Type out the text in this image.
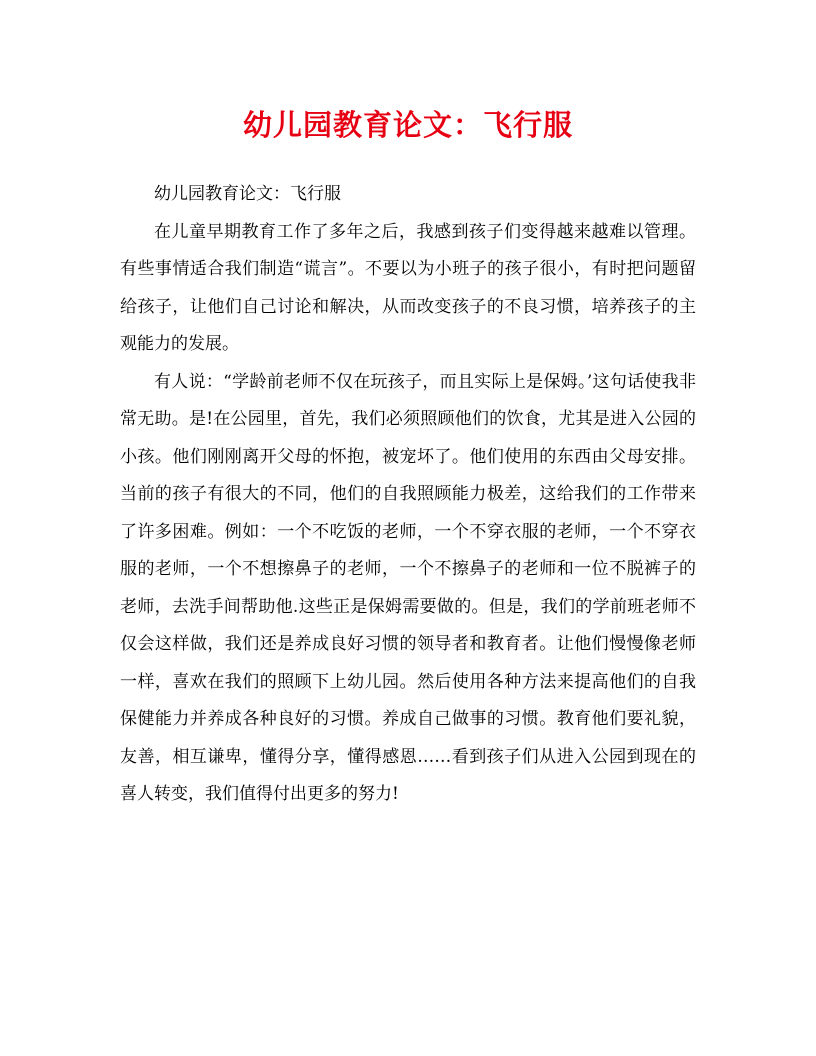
幼儿园教育论文：飞行服

幼儿园教育论文：飞行服

在儿童早期教育工作了多年之后，我感到孩子们变得越来越难以管理。有些事情适合我们制造“谎言”。不要以为小班子的孩子很小，有时把问题留给孩子，让他们自己讨论和解决，从而改变孩子的不良习惯，培养孩子的主观能力的发展。

有人说：“学龄前老师不仅在玩孩子，而且实际上是保姆。’这句话使我非常无助。是!在公园里，首先，我们必须照顾他们的饮食，尤其是进入公园的小孩。他们刚刚离开父母的怀抱，被宠坏了。他们使用的东西由父母安排。当前的孩子有很大的不同，他们的自我照顾能力极差，这给我们的工作带来了许多困难。例如：一个不吃饭的老师，一个不穿衣服的老师，一个不穿衣服的老师，一个不想擦鼻子的老师，一个不擦鼻子的老师和一位不脱裤子的老师，去洗手间帮助他.这些正是保姆需要做的。但是，我们的学前班老师不仅会这样做，我们还是养成良好习惯的领导者和教育者。让他们慢慢像老师一样，喜欢在我们的照顾下上幼儿园。然后使用各种方法来提高他们的自我保健能力并养成各种良好的习惯。养成自己做事的习惯。教育他们要礼貌，友善，相互谦卑，懂得分享，懂得感恩……看到孩子们从进入公园到现在的喜人转变，我们值得付出更多的努力!
